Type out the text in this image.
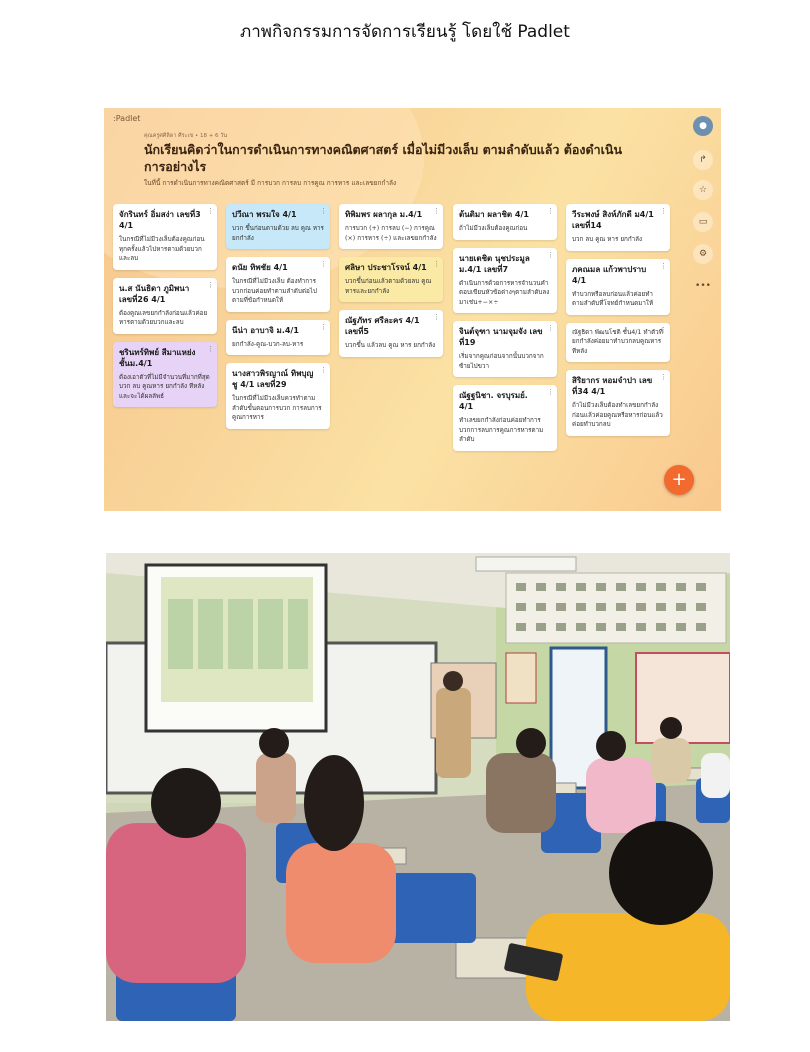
ภาพกิจกรรมการจัดการเรียนรู้ โดยใช้ Padlet
:Padlet
คุณครูศศิลิดา ศีระเข • 18 + 6 วัน
นักเรียนคิดว่าในการดำเนินการทางคณิตศาสตร์ เมื่อไม่มีวงเล็บ ตามลำดับแล้ว ต้องดำเนินการอย่างไร
ในที่นี้ การดำเนินการทางคณิตศาสตร์ มี การบวก การลบ การคูณ การหาร และเลขยกกำลัง
●
↱
☆
▭
⚙
•••
⋮
จักรินทร์ อิ่มสง่า เลขที่3 4/1
ในกรณีที่ไม่มีวงเล็บต้องคูณก่อนทุกครั้งแล้วไปหารตามด้วยบวกและลบ
⋮
น.ส นันธิดา ภูมิพนา เลขที่26 4/1
ต้องคูณเลขยกกำลังก่อนแล้วค่อยหารตามด้วยบวกและลบ
⋮
ชรินทร์ทิพย์ สีมาแหย่ง ชั้นม.4/1
ต้องเอาตัวที่ไม่มีจำนวนที่มากที่สุด บวก ลบ คูณหาร ยกกำลัง ทีหลัง และจะได้ผลลัพธ์
⋮
ปวีณา พรมใจ 4/1
บวก ขึ้นก่อนตามด้วย ลบ คูณ หาร ยกกำลัง
⋮
ดนัย ทิพชัย 4/1
ในกรณีที่ไม่มีวงเล็บ ต้องทำการบวกก่อนค่อยทำตามลำดับต่อไป ตามที่ข้อกำหนดให้
⋮
นีน่า อาบาจิ ม.4/1
ยกกำลัง-คูณ-บวก-ลบ-หาร
⋮
นางสาวพิรญาณ์ ทิพบุญชู 4/1 เลขที่29
ในกรณีที่ไม่มีวงเล็บควรทำตามลำดับขั้นตอนการบวก การลบการคูณการหาร
⋮
ทิพิมพร ผลากุล ม.4/1
การบวก (+) การลบ (−) การคูณ (×) การหาร (÷) และเลขยกกำลัง
⋮
ศลิษา ประชาโรจน์ 4/1
บวกขึ้นก่อนแล้วตามด้วยลบ คูณ หารและยกกำลัง
⋮
ณัฐภัทร ศรีละคร 4/1 เลขที่5
บวกขึ้น แล้วลบ คูณ หาร ยกกำลัง
⋮
ต้นติมา ผลาชิต 4/1
ถ้าไม่มีวงเล็บต้องคูณก่อน
⋮
นายเตชิต นุชประมูล ม.4/1 เลขที่7
ดำเนินการด้วยการหารจำนวนคำตอบเขียนหัวข้อต่างๆตามลำดับลงมาเช่น+−×÷
⋮
จินต์จุฑา นามจุมจัง เลขที่19
เริ่มจากคูณก่อนจากนั้นบวกจากซ้ายไปขวา
⋮
ณัฐฐนิชา. จรบุรมย์. 4/1
ทำเลขยกกำลังก่อนค่อยทำการบวกการลบการคูณการหารตามลำดับ
⋮
วีระพงษ์ สิงห์ภักดี ม4/1 เลขที่14
บวก ลบ คูณ หาร ยกกำลัง
⋮
ภคณมล แก้วพาปราบ 4/1
ทำบวกหรือลบก่อนแล้วค่อยทำตามลำดับที่โจทย์กำหนดมาให้
⋮
ณัฐธิดา พัฒนโชติ ชั้น4/1 ทำตัวที่ยกกำลังค่อยมาทำบวกลบคูณหารทีหลัง
⋮
สิริยากร หอมจำปา เลขที่34 4/1
ถ้าไม่มีวงเล็บต้องทำเลขยกกำลังก่อนแล้วค่อยคูณหรือหารก่อนแล้วค่อยทำบวกลบ
+
